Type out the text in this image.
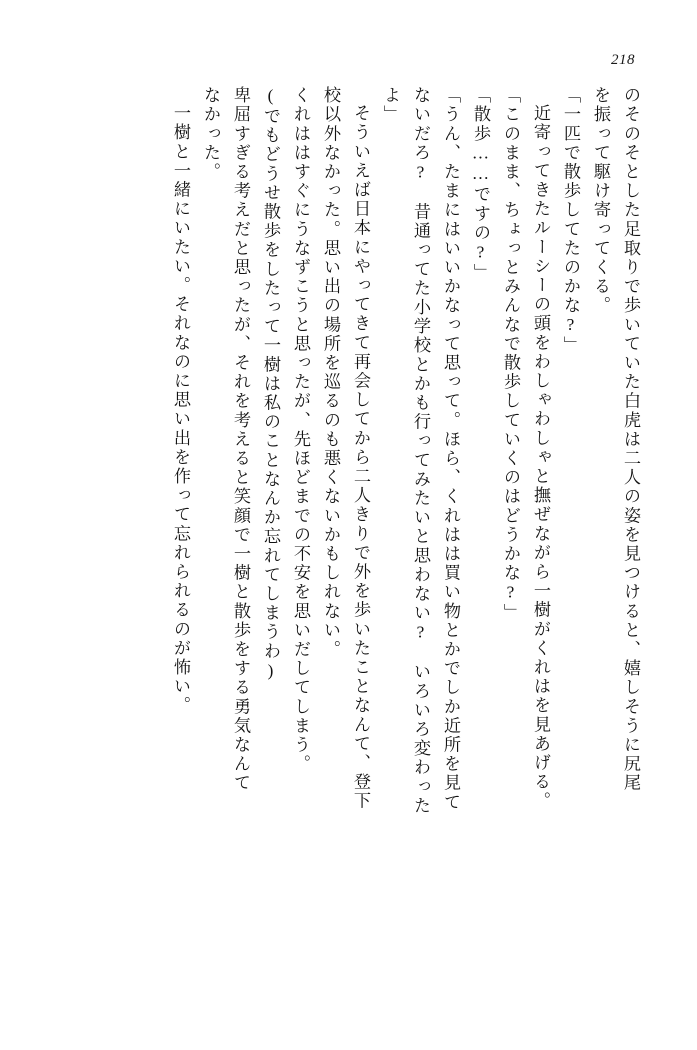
218
のそのそとした足取りで歩いていた白虎は二人の姿を見つけると、嬉しそうに尻尾
を振って駆け寄ってくる。
「一匹で散歩してたのかな?」
近寄ってきたルーシーの頭をわしゃわしゃと撫ぜながら一樹がくれはを見あげる。
「このまま、ちょっとみんなで散歩していくのはどうかな?」
「散歩……ですの?」
「うん、たまにはいいかなって思って。ほら、くれはは買い物とかでしか近所を見て
ないだろ?　昔通ってた小学校とかも行ってみたいと思わない?　いろいろ変わった
よ」
そういえば日本にやってきて再会してから二人きりで外を歩いたことなんて、登下
校以外なかった。思い出の場所を巡るのも悪くないかもしれない。
くれははすぐにうなずこうと思ったが、先ほどまでの不安を思いだしてしまう。
(でもどうせ散歩をしたって一樹は私のことなんか忘れてしまうわ)
卑屈すぎる考えだと思ったが、それを考えると笑顔で一樹と散歩をする勇気なんて
なかった。
一樹と一緒にいたい。それなのに思い出を作って忘れられるのが怖い。
